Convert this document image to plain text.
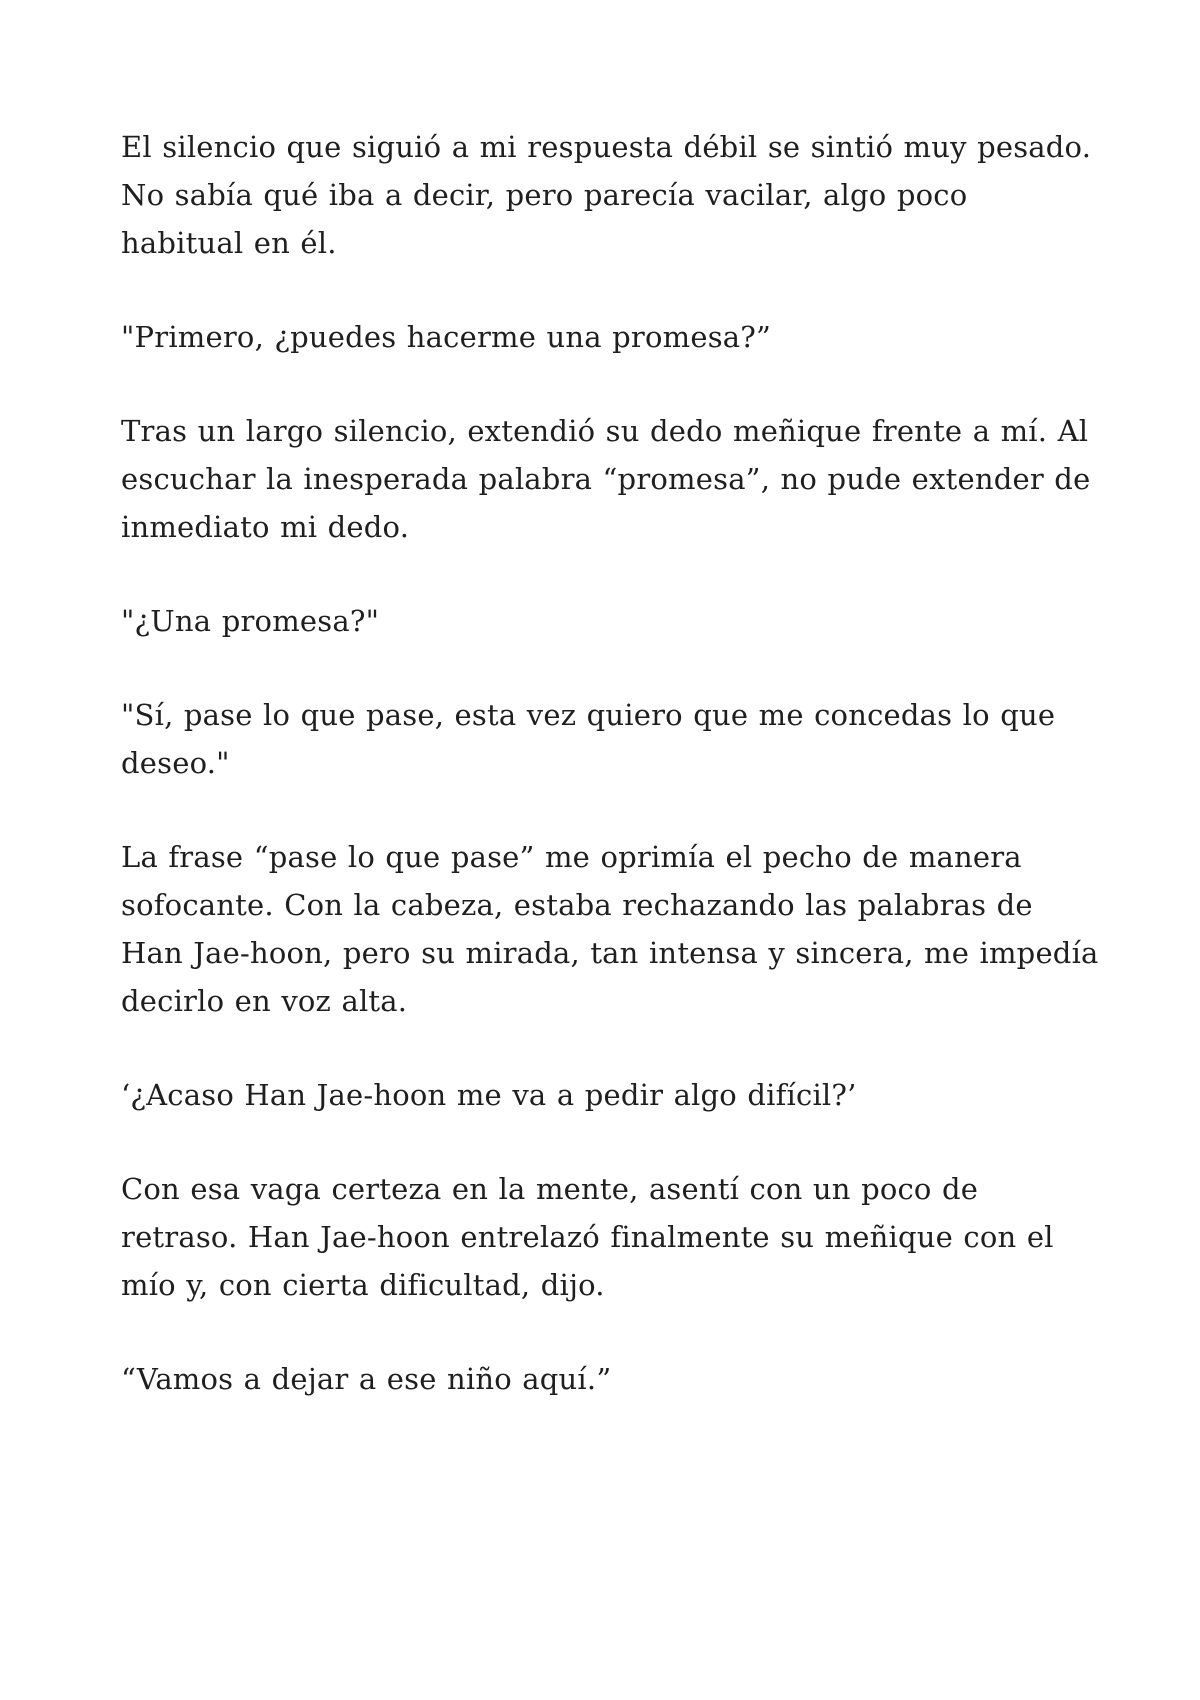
El silencio que siguió a mi respuesta débil se sintió muy pesado. No sabía qué iba a decir, pero parecía vacilar, algo poco habitual en él.

"Primero, ¿puedes hacerme una promesa?”

Tras un largo silencio, extendió su dedo meñique frente a mí. Al escuchar la inesperada palabra “promesa”, no pude extender de inmediato mi dedo.

"¿Una promesa?"

"Sí, pase lo que pase, esta vez quiero que me concedas lo que deseo."

La frase “pase lo que pase” me oprimía el pecho de manera sofocante. Con la cabeza, estaba rechazando las palabras de Han Jae-hoon, pero su mirada, tan intensa y sincera, me impedía decirlo en voz alta.

‘¿Acaso Han Jae-hoon me va a pedir algo difícil?’

Con esa vaga certeza en la mente, asentí con un poco de retraso. Han Jae-hoon entrelazó finalmente su meñique con el mío y, con cierta dificultad, dijo.

“Vamos a dejar a ese niño aquí.”
